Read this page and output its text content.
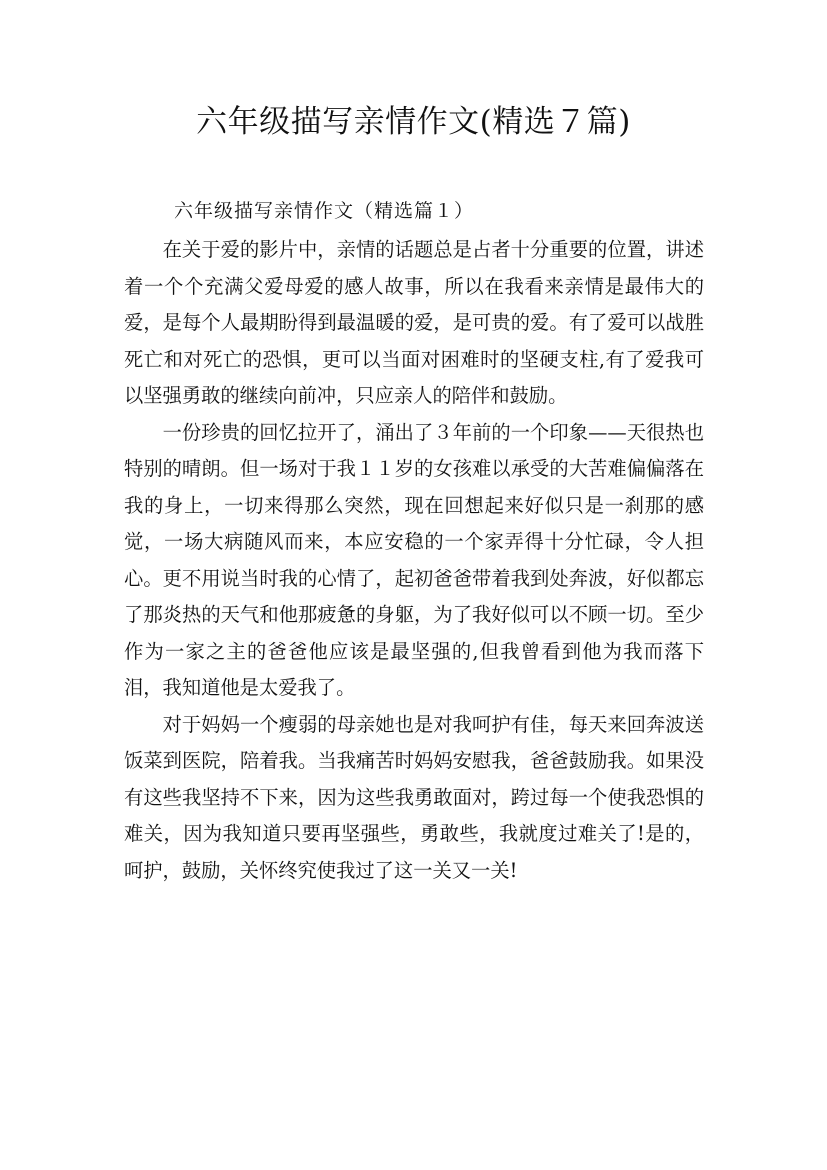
六年级描写亲情作文(精选７篇)

六年级描写亲情作文（精选篇１）

在关于爱的影片中，亲情的话题总是占者十分重要的位置，讲述着一个个充满父爱母爱的感人故事，所以在我看来亲情是最伟大的爱，是每个人最期盼得到最温暖的爱，是可贵的爱。有了爱可以战胜死亡和对死亡的恐惧，更可以当面对困难时的坚硬支柱,有了爱我可以坚强勇敢的继续向前冲，只应亲人的陪伴和鼓励。

一份珍贵的回忆拉开了，涌出了３年前的一个印象——天很热也特别的晴朗。但一场对于我１１岁的女孩难以承受的大苦难偏偏落在我的身上，一切来得那么突然，现在回想起来好似只是一刹那的感觉，一场大病随风而来，本应安稳的一个家弄得十分忙碌，令人担心。更不用说当时我的心情了，起初爸爸带着我到处奔波，好似都忘了那炎热的天气和他那疲惫的身躯，为了我好似可以不顾一切。至少作为一家之主的爸爸他应该是最坚强的,但我曾看到他为我而落下泪，我知道他是太爱我了。

对于妈妈一个瘦弱的母亲她也是对我呵护有佳，每天来回奔波送饭菜到医院，陪着我。当我痛苦时妈妈安慰我，爸爸鼓励我。如果没有这些我坚持不下来，因为这些我勇敢面对，跨过每一个使我恐惧的难关，因为我知道只要再坚强些，勇敢些，我就度过难关了!是的，呵护，鼓励，关怀终究使我过了这一关又一关!
